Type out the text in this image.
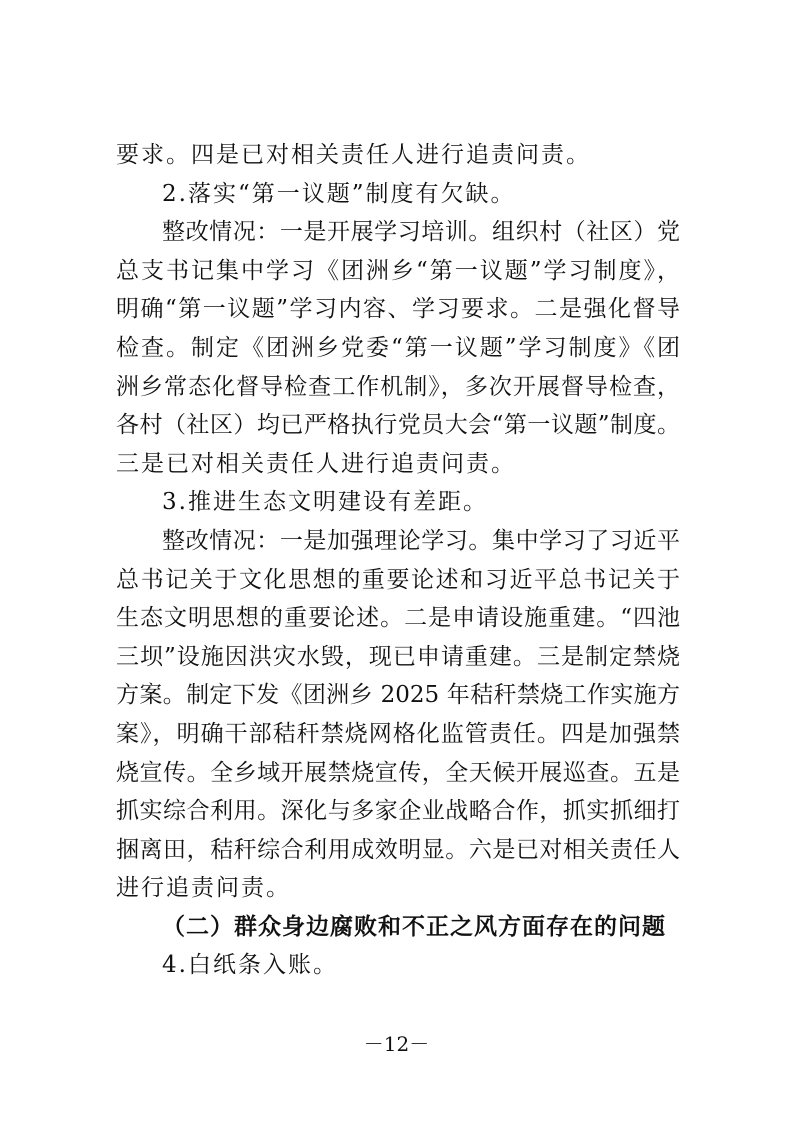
要求。四是已对相关责任人进行追责问责。
2.落实“第一议题”制度有欠缺。
整改情况：一是开展学习培训。组织村（社区）党
总支书记集中学习《团洲乡“第一议题”学习制度》，
明确“第一议题”学习内容、学习要求。二是强化督导
检查。制定《团洲乡党委“第一议题”学习制度》《团
洲乡常态化督导检查工作机制》，多次开展督导检查，
各村（社区）均已严格执行党员大会“第一议题”制度。
三是已对相关责任人进行追责问责。
3.推进生态文明建设有差距。
整改情况：一是加强理论学习。集中学习了习近平
总书记关于文化思想的重要论述和习近平总书记关于
生态文明思想的重要论述。二是申请设施重建。“四池
三坝”设施因洪灾水毁，现已申请重建。三是制定禁烧
方案。制定下发《团洲乡 2025 年秸秆禁烧工作实施方
案》，明确干部秸秆禁烧网格化监管责任。四是加强禁
烧宣传。全乡域开展禁烧宣传，全天候开展巡查。五是
抓实综合利用。深化与多家企业战略合作，抓实抓细打
捆离田，秸秆综合利用成效明显。六是已对相关责任人
进行追责问责。
（二）群众身边腐败和不正之风方面存在的问题
4.白纸条入账。
－12－
